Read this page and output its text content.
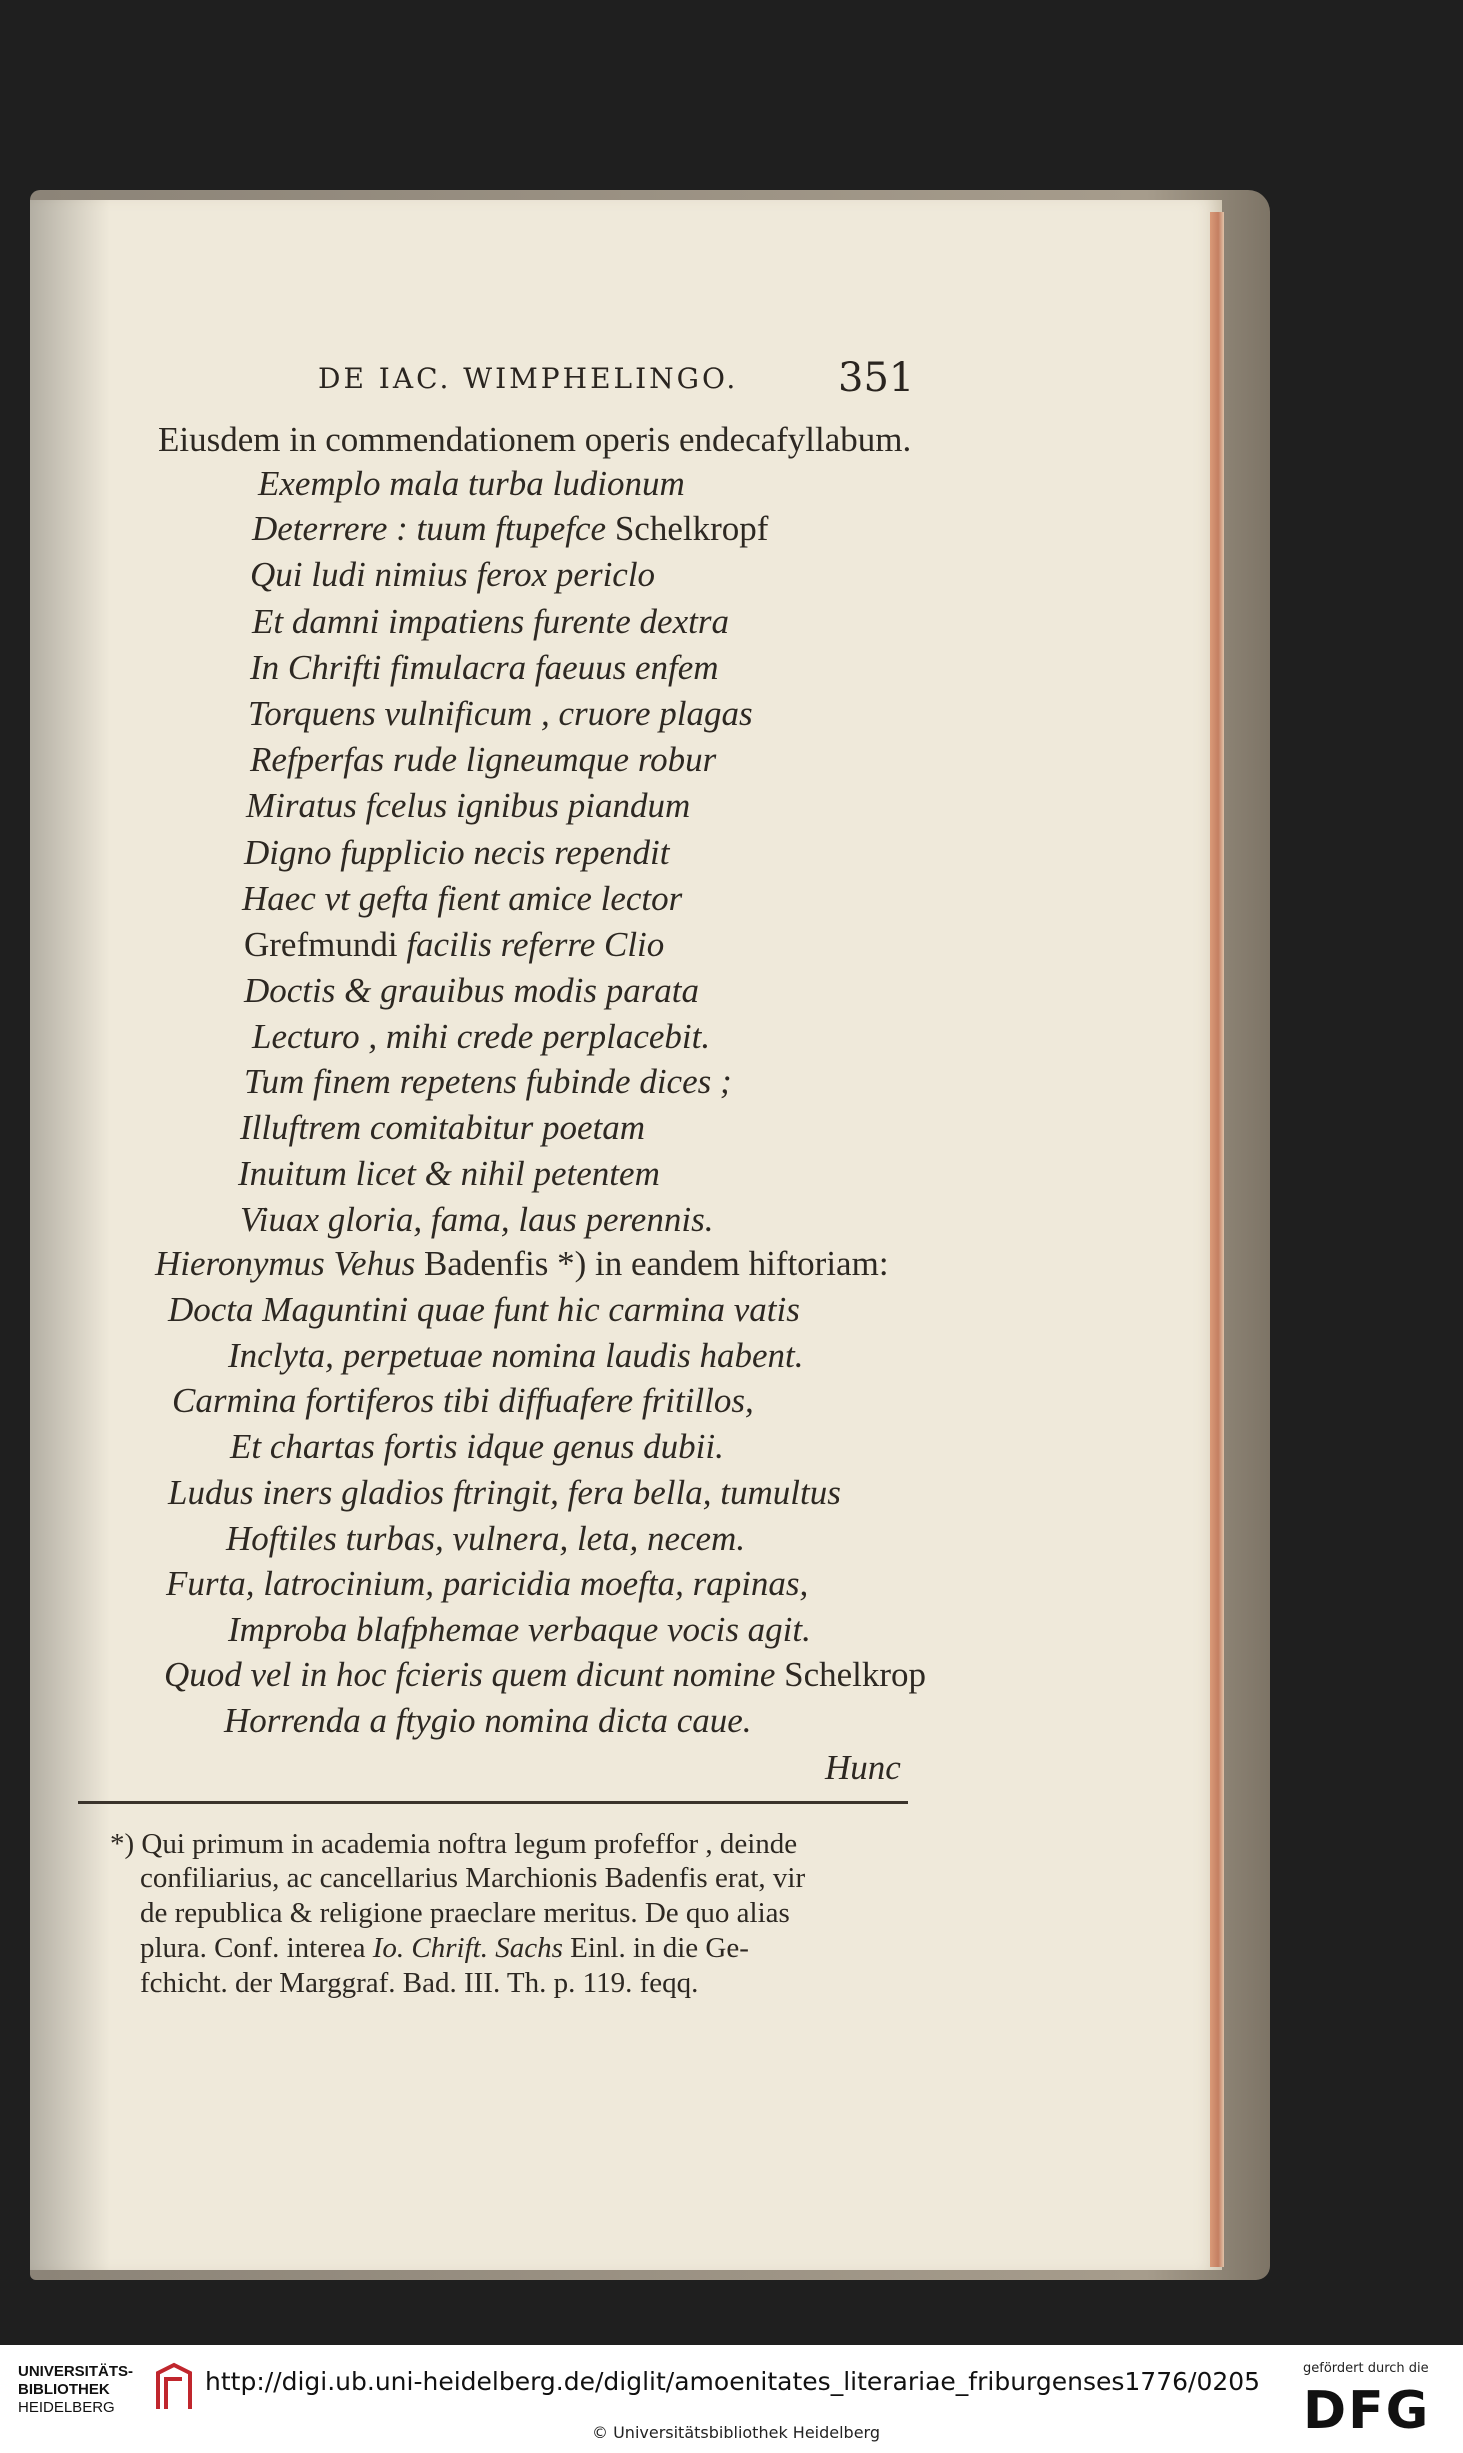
DE IAC. WIMPHELINGO. 351
Eiusdem in commendationem operis endecafyllabum.
Exemplo mala turba ludionum
Deterrere : tuum ftupefce Schelkropf
Qui ludi nimius ferox periclo
Et damni impatiens furente dextra
In Chrifti fimulacra faeuus enfem
Torquens vulnificum , cruore plagas
Refperfas rude ligneumque robur
Miratus fcelus ignibus piandum
Digno fupplicio necis rependit
Haec vt gefta fient amice lector
Grefmundi facilis referre Clio
Doctis & grauibus modis parata
Lecturo , mihi crede perplacebit.
Tum finem repetens fubinde dices ;
Illuftrem comitabitur poetam
Inuitum licet & nihil petentem
Viuax gloria, fama, laus perennis.
Hieronymus Vehus Badenfis *) in eandem hiftoriam:
Docta Maguntini quae funt hic carmina vatis
Inclyta, perpetuae nomina laudis habent.
Carmina fortiferos tibi diffuafere fritillos,
Et chartas fortis idque genus dubii.
Ludus iners gladios ftringit, fera bella, tumultus
Hoftiles turbas, vulnera, leta, necem.
Furta, latrocinium, paricidia moefta, rapinas,
Improba blafphemae verbaque vocis agit.
Quod vel in hoc fcieris quem dicunt nomine Schelkrop
Horrenda a ftygio nomina dicta caue.
Hunc
*) Qui primum in academia noftra legum profeffor , deinde
confiliarius, ac cancellarius Marchionis Badenfis erat, vir
de republica & religione praeclare meritus. De quo alias
plura. Conf. interea Io. Chrift. Sachs Einl. in die Ge-
fchicht. der Marggraf. Bad. III. Th. p. 119. feqq.
UNIVERSITÄTS-
BIBLIOTHEK
HEIDELBERG
http://digi.ub.uni-heidelberg.de/diglit/amoenitates_literariae_friburgenses1776/0205
© Universitätsbibliothek Heidelberg
gefördert durch die
DFG
